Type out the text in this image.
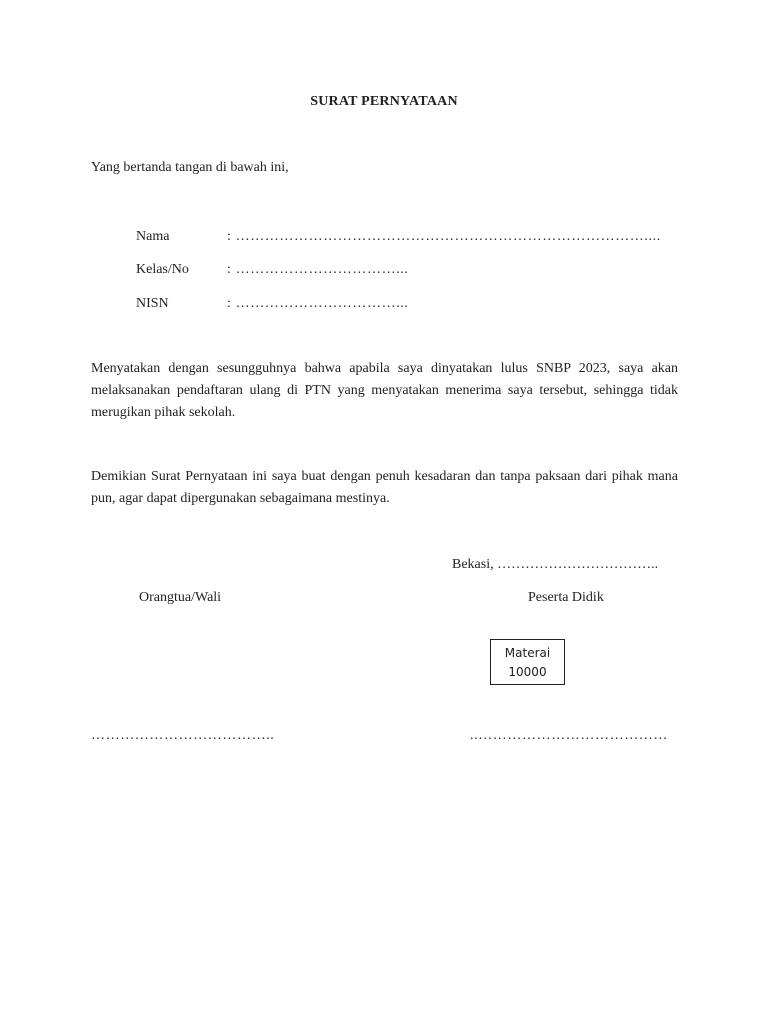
SURAT PERNYATAAN
Yang bertanda tangan di bawah ini,
Nama	: …………………………………………………………………………....
Kelas/No	: ……………………………...
NISN	: ……………………………...

Menyatakan dengan sesungguhnya bahwa apabila saya dinyatakan lulus SNBP 2023, saya akan melaksanakan pendaftaran ulang di PTN yang menyatakan menerima saya tersebut, sehingga tidak merugikan pihak sekolah.

Demikian Surat Pernyataan ini saya buat dengan penuh kesadaran dan tanpa paksaan dari pihak mana pun, agar dapat dipergunakan sebagaimana mestinya.

Bekasi, ……………………………..
Orangtua/Wali	Peserta Didik
Materai
10000
………………………………..	..…………………………………
